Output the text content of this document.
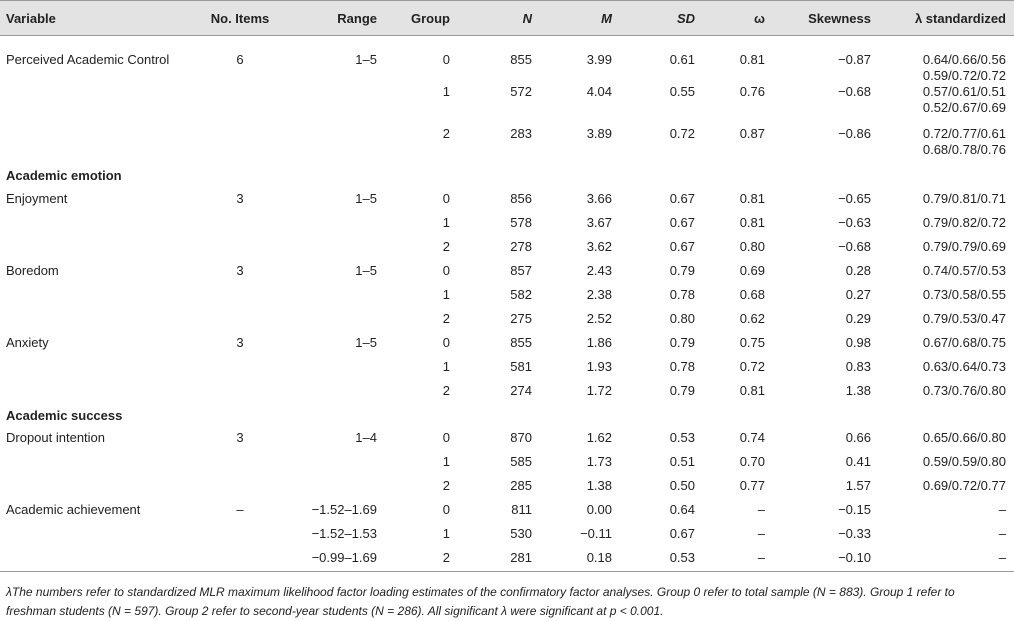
Variable	No. Items	Range	Group	N	M	SD	ω	Skewness	λ standardized
Perceived Academic Control	6	1–5	0	855	3.99	0.61	0.81	−0.87	0.64/0.66/0.56
0.59/0.72/0.72

			1	572	4.04	0.55	0.76	−0.68	0.57/0.61/0.51
0.52/0.67/0.69

			2	283	3.89	0.72	0.87	−0.86	0.72/0.77/0.61
0.68/0.78/0.76

Academic emotion									
Enjoyment	3	1–5	0	856	3.66	0.67	0.81	−0.65	0.79/0.81/0.71
			1	578	3.67	0.67	0.81	−0.63	0.79/0.82/0.72
			2	278	3.62	0.67	0.80	−0.68	0.79/0.79/0.69
Boredom	3	1–5	0	857	2.43	0.79	0.69	0.28	0.74/0.57/0.53
			1	582	2.38	0.78	0.68	0.27	0.73/0.58/0.55
			2	275	2.52	0.80	0.62	0.29	0.79/0.53/0.47
Anxiety	3	1–5	0	855	1.86	0.79	0.75	0.98	0.67/0.68/0.75
			1	581	1.93	0.78	0.72	0.83	0.63/0.64/0.73
			2	274	1.72	0.79	0.81	1.38	0.73/0.76/0.80
Academic success									
Dropout intention	3	1–4	0	870	1.62	0.53	0.74	0.66	0.65/0.66/0.80
			1	585	1.73	0.51	0.70	0.41	0.59/0.59/0.80
			2	285	1.38	0.50	0.77	1.57	0.69/0.72/0.77
Academic achievement	–	−1.52–1.69	0	811	0.00	0.64	–	−0.15	–
		−1.52–1.53	1	530	−0.11	0.67	–	−0.33	–
		−0.99–1.69	2	281	0.18	0.53	–	−0.10	–
λThe numbers refer to standardized MLR maximum likelihood factor loading estimates of the confirmatory factor analyses. Group 0 refer to total sample (N = 883). Group 1 refer to freshman students (N = 597). Group 2 refer to second-year students (N = 286). All significant λ were significant at p < 0.001.
